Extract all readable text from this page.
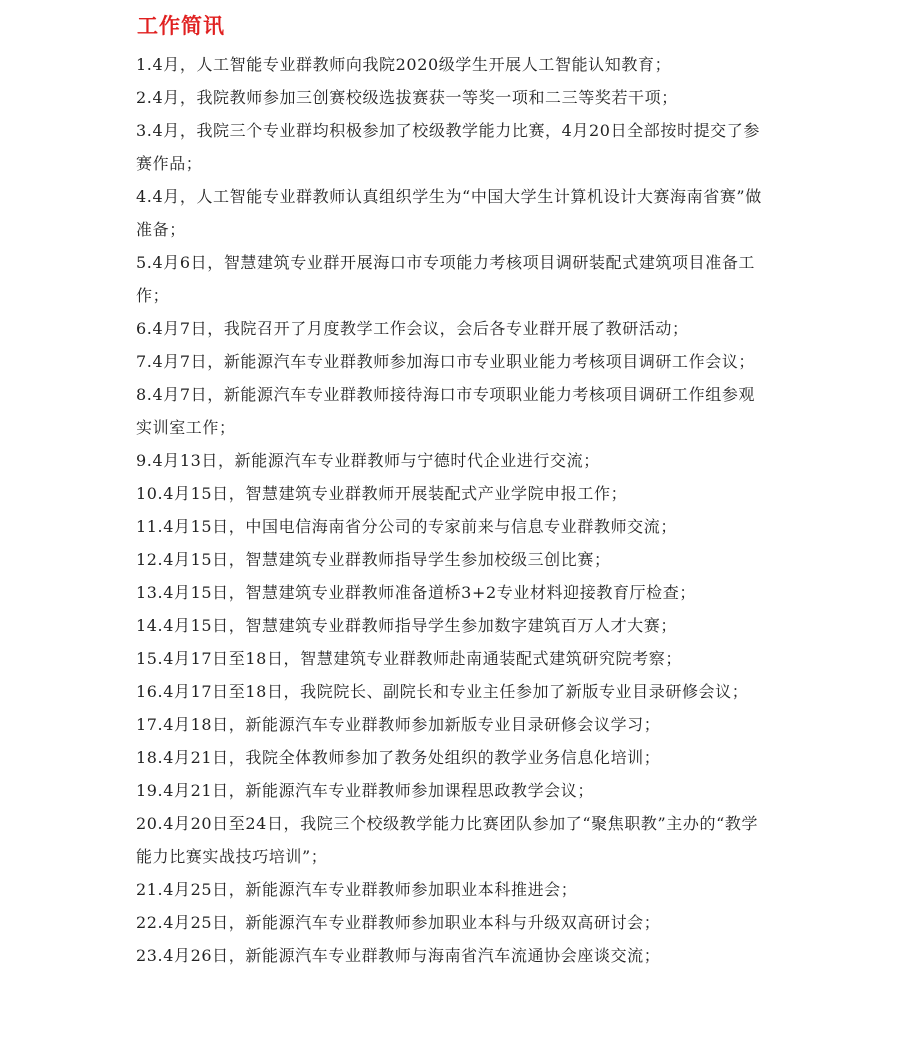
工作简讯
1.4月，人工智能专业群教师向我院2020级学生开展人工智能认知教育；
2.4月，我院教师参加三创赛校级选拔赛获一等奖一项和二三等奖若干项；
3.4月，我院三个专业群均积极参加了校级教学能力比赛，4月20日全部按时提交了参赛作品；
4.4月，人工智能专业群教师认真组织学生为“中国大学生计算机设计大赛海南省赛”做准备；
5.4月6日，智慧建筑专业群开展海口市专项能力考核项目调研装配式建筑项目准备工作；
6.4月7日，我院召开了月度教学工作会议，会后各专业群开展了教研活动；
7.4月7日，新能源汽车专业群教师参加海口市专业职业能力考核项目调研工作会议；
8.4月7日，新能源汽车专业群教师接待海口市专项职业能力考核项目调研工作组参观实训室工作；
9.4月13日，新能源汽车专业群教师与宁德时代企业进行交流；
10.4月15日，智慧建筑专业群教师开展装配式产业学院申报工作；
11.4月15日，中国电信海南省分公司的专家前来与信息专业群教师交流；
12.4月15日，智慧建筑专业群教师指导学生参加校级三创比赛；
13.4月15日，智慧建筑专业群教师准备道桥3+2专业材料迎接教育厅检查；
14.4月15日，智慧建筑专业群教师指导学生参加数字建筑百万人才大赛；
15.4月17日至18日，智慧建筑专业群教师赴南通装配式建筑研究院考察；
16.4月17日至18日，我院院长、副院长和专业主任参加了新版专业目录研修会议；
17.4月18日，新能源汽车专业群教师参加新版专业目录研修会议学习；
18.4月21日，我院全体教师参加了教务处组织的教学业务信息化培训；
19.4月21日，新能源汽车专业群教师参加课程思政教学会议；
20.4月20日至24日，我院三个校级教学能力比赛团队参加了“聚焦职教”主办的“教学能力比赛实战技巧培训”；
21.4月25日，新能源汽车专业群教师参加职业本科推进会；
22.4月25日，新能源汽车专业群教师参加职业本科与升级双高研讨会；
23.4月26日，新能源汽车专业群教师与海南省汽车流通协会座谈交流；
